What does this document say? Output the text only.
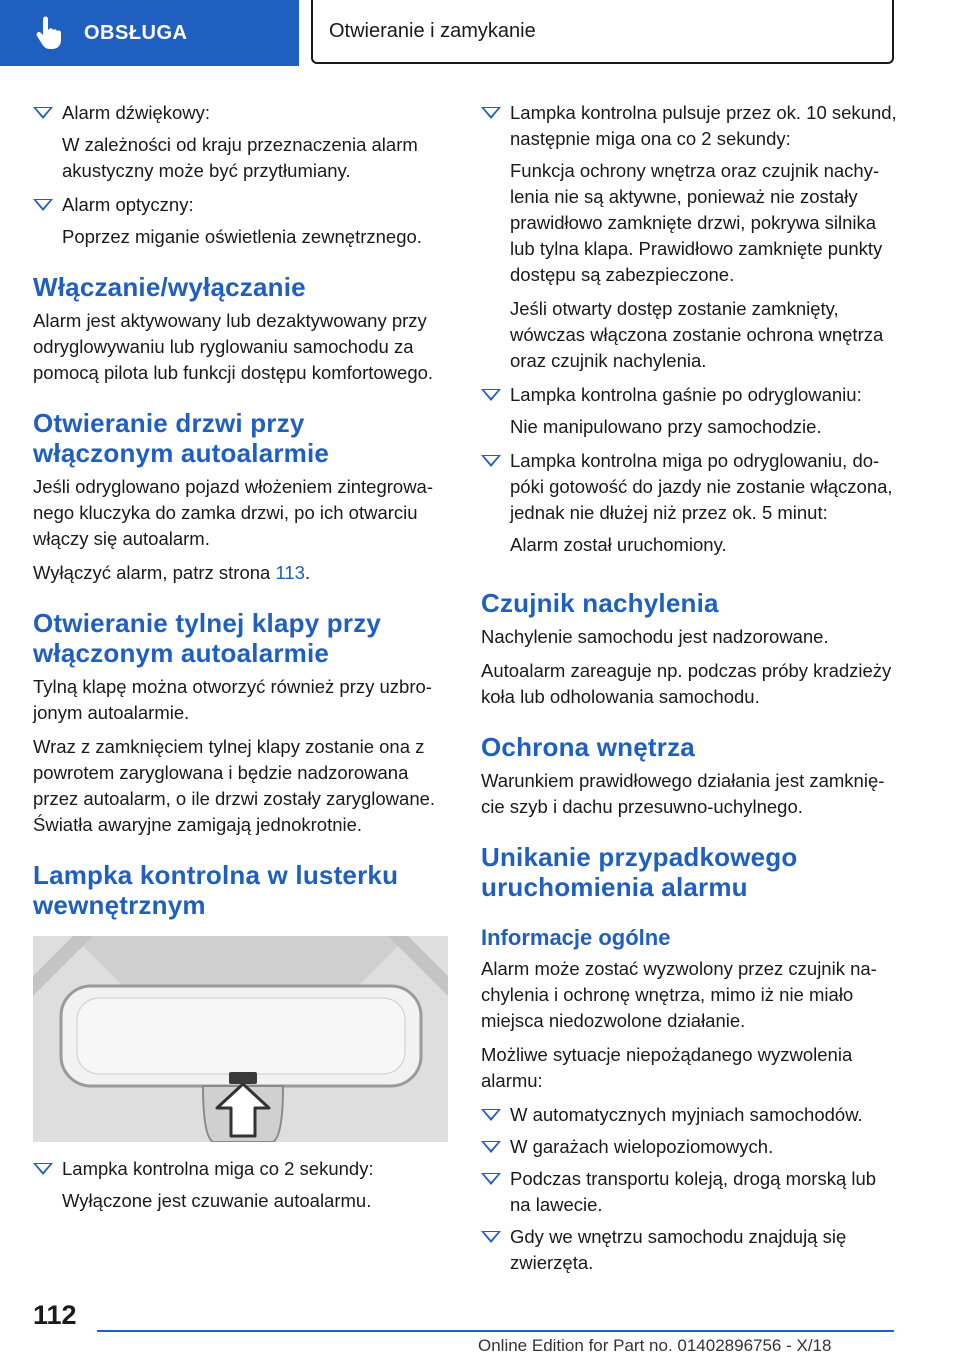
OBSŁUGA	Otwieranie i zamykanie
Alarm dźwiękowy:

W zależności od kraju przeznaczenia alarm akustyczny może być przytłumiany.

Alarm optyczny:

Poprzez miganie oświetlenia zewnętrznego.

Włączanie/wyłączanie

Alarm jest aktywowany lub dezaktywowany przy odryglowywaniu lub ryglowaniu samochodu za pomocą pilota lub funkcji dostępu komfortowego.

Otwieranie drzwi przy włączonym autoalarmie

Jeśli odryglowano pojazd włożeniem zintegrowanego kluczyka do zamka drzwi, po ich otwarciu włączy się autoalarm.

Wyłączyć alarm, patrz strona 113.

Otwieranie tylnej klapy przy włączonym autoalarmie

Tylną klapę można otworzyć również przy uzbrojonym autoalarmie.

Wraz z zamknięciem tylnej klapy zostanie ona z powrotem zaryglowana i będzie nadzorowana przez autoalarm, o ile drzwi zostały zaryglowane. Światła awaryjne zamigają jednokrotnie.

Lampka kontrolna w lusterku wewnętrznym
Lampka kontrolna miga co 2 sekundy:

Wyłączone jest czuwanie autoalarmu.

Lampka kontrolna pulsuje przez ok. 10 sekund, następnie miga ona co 2 sekundy:

Funkcja ochrony wnętrza oraz czujnik nachylenia nie są aktywne, ponieważ nie zostały prawidłowo zamknięte drzwi, pokrywa silnika lub tylna klapa. Prawidłowo zamknięte punkty dostępu są zabezpieczone.

Jeśli otwarty dostęp zostanie zamknięty, wówczas włączona zostanie ochrona wnętrza oraz czujnik nachylenia.

Lampka kontrolna gaśnie po odryglowaniu:

Nie manipulowano przy samochodzie.

Lampka kontrolna miga po odryglowaniu, dopóki gotowość do jazdy nie zostanie włączona, jednak nie dłużej niż przez ok. 5 minut:

Alarm został uruchomiony.

Czujnik nachylenia

Nachylenie samochodu jest nadzorowane.

Autoalarm zareaguje np. podczas próby kradzieży koła lub odholowania samochodu.

Ochrona wnętrza

Warunkiem prawidłowego działania jest zamknięcie szyb i dachu przesuwno-uchylnego.

Unikanie przypadkowego uruchomienia alarmu
Informacje ogólne

Alarm może zostać wyzwolony przez czujnik nachylenia i ochronę wnętrza, mimo iż nie miało miejsca niedozwolone działanie.

Możliwe sytuacje niepożądanego wyzwolenia alarmu:

W automatycznych myjniach samochodów.
W garażach wielopoziomowych.
Podczas transportu koleją, drogą morską lub na lawecie.
Gdy we wnętrzu samochodu znajdują się zwierzęta.
112
Online Edition for Part no. 01402896756 - X/18
